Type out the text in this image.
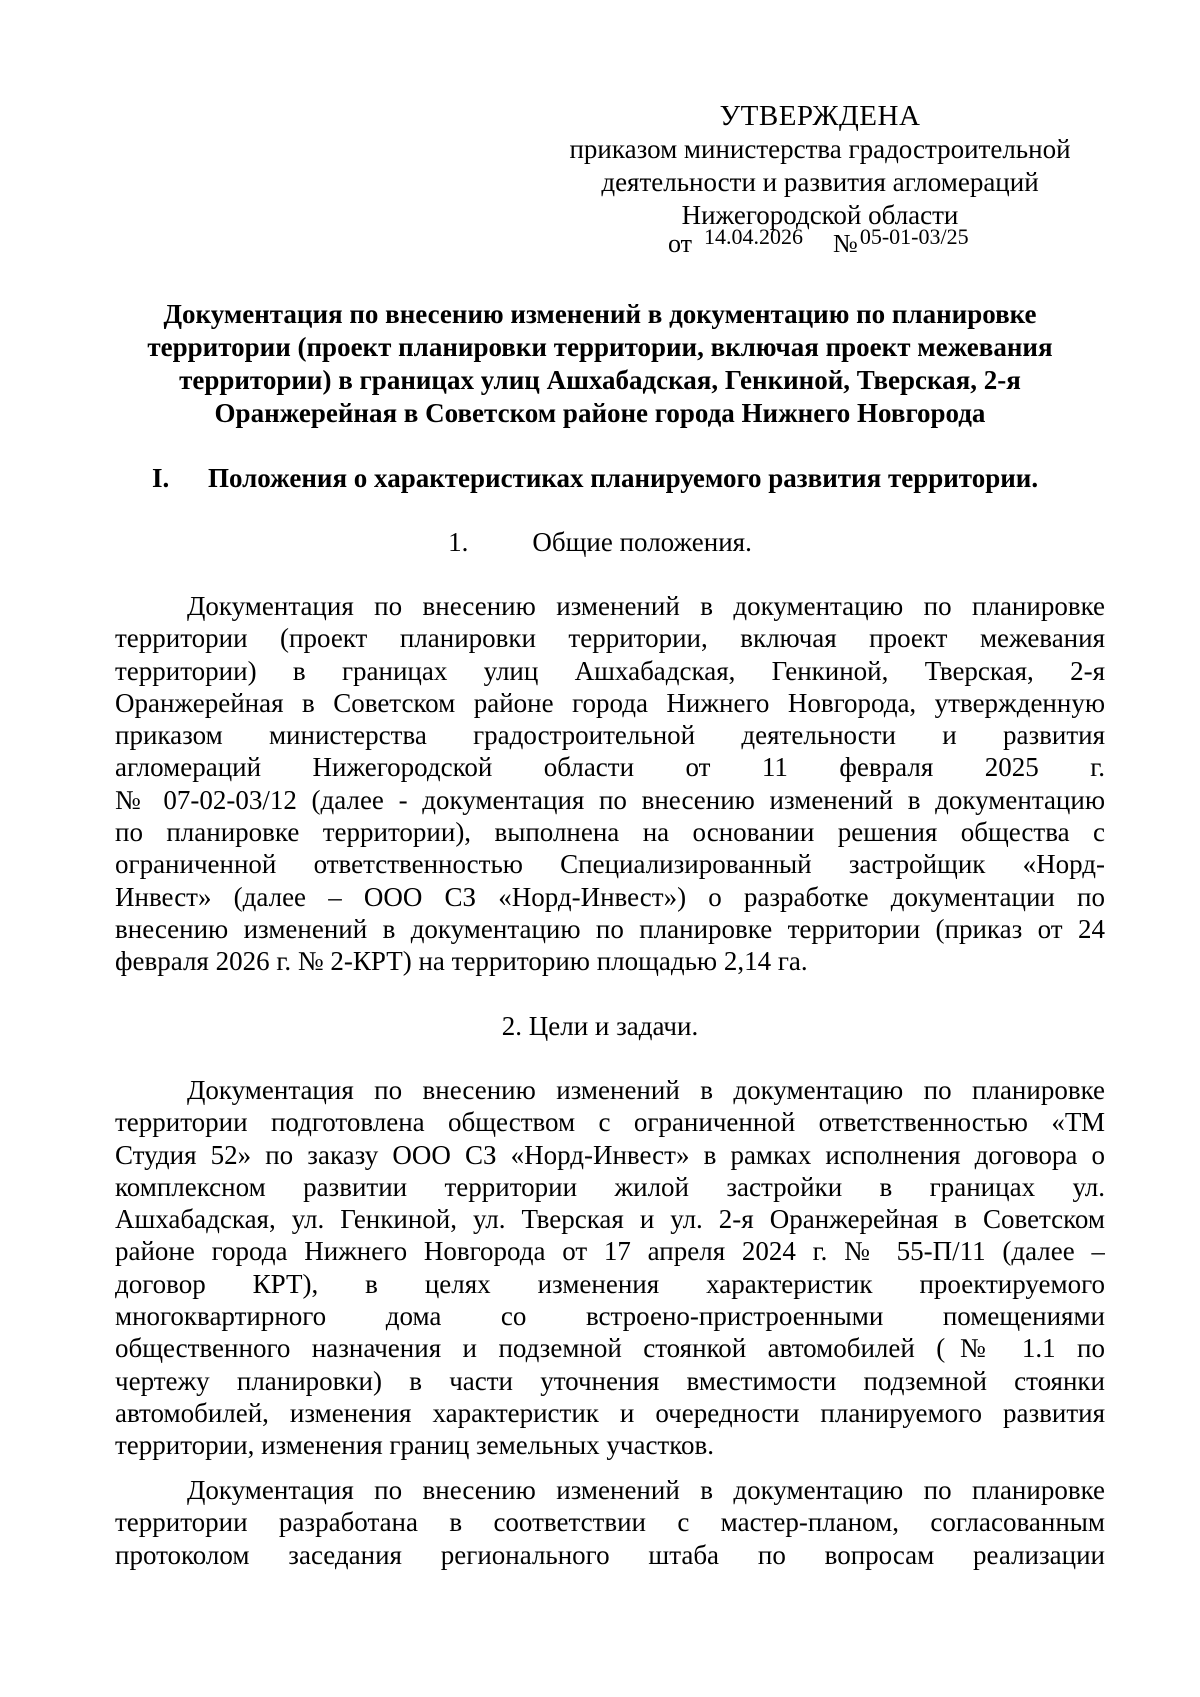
УТВЕРЖДЕНА
приказом министерства градостроительной
деятельности и развития агломераций
Нижегородской области
от $^{14.04.2026}$ №$^{05-01-03/25}$
Документация по внесению изменений в документацию по планировке
территории (проект планировки территории, включая проект межевания
территории) в границах улиц Ашхабадская, Генкиной, Тверская, 2-я
Оранжерейная в Советском районе города Нижнего Новгорода
I. Положения о характеристиках планируемого развития территории.
1. Общие положения.
Документация по внесению изменений в документацию по планировке
территории (проект планировки территории, включая проект межевания
территории) в границах улиц Ашхабадская, Генкиной, Тверская, 2-я
Оранжерейная в Советском районе города Нижнего Новгорода, утвержденную
приказом министерства градостроительной деятельности и развития
агломераций Нижегородской области от 11 февраля 2025 г.
№ 07-02-03/12 (далее - документация по внесению изменений в документацию
по планировке территории), выполнена на основании решения общества с
ограниченной ответственностью Специализированный застройщик «Норд-
Инвест» (далее – ООО СЗ «Норд-Инвест») о разработке документации по
внесению изменений в документацию по планировке территории (приказ от 24
февраля 2026 г. № 2-КРТ) на территорию площадью 2,14 га.
2. Цели и задачи.
Документация по внесению изменений в документацию по планировке
территории подготовлена обществом с ограниченной ответственностью «ТМ
Студия 52» по заказу ООО СЗ «Норд-Инвест» в рамках исполнения договора о
комплексном развитии территории жилой застройки в границах ул.
Ашхабадская, ул. Генкиной, ул. Тверская и ул. 2-я Оранжерейная в Советском
районе города Нижнего Новгорода от 17 апреля 2024 г. № 55-П/11 (далее –
договор КРТ), в целях изменения характеристик проектируемого
многоквартирного дома со встроено-пристроенными помещениями
общественного назначения и подземной стоянкой автомобилей (№ 1.1 по
чертежу планировки) в части уточнения вместимости подземной стоянки
автомобилей, изменения характеристик и очередности планируемого развития
территории, изменения границ земельных участков.
Документация по внесению изменений в документацию по планировке
территории разработана в соответствии с мастер-планом, согласованным
протоколом заседания регионального штаба по вопросам реализации
